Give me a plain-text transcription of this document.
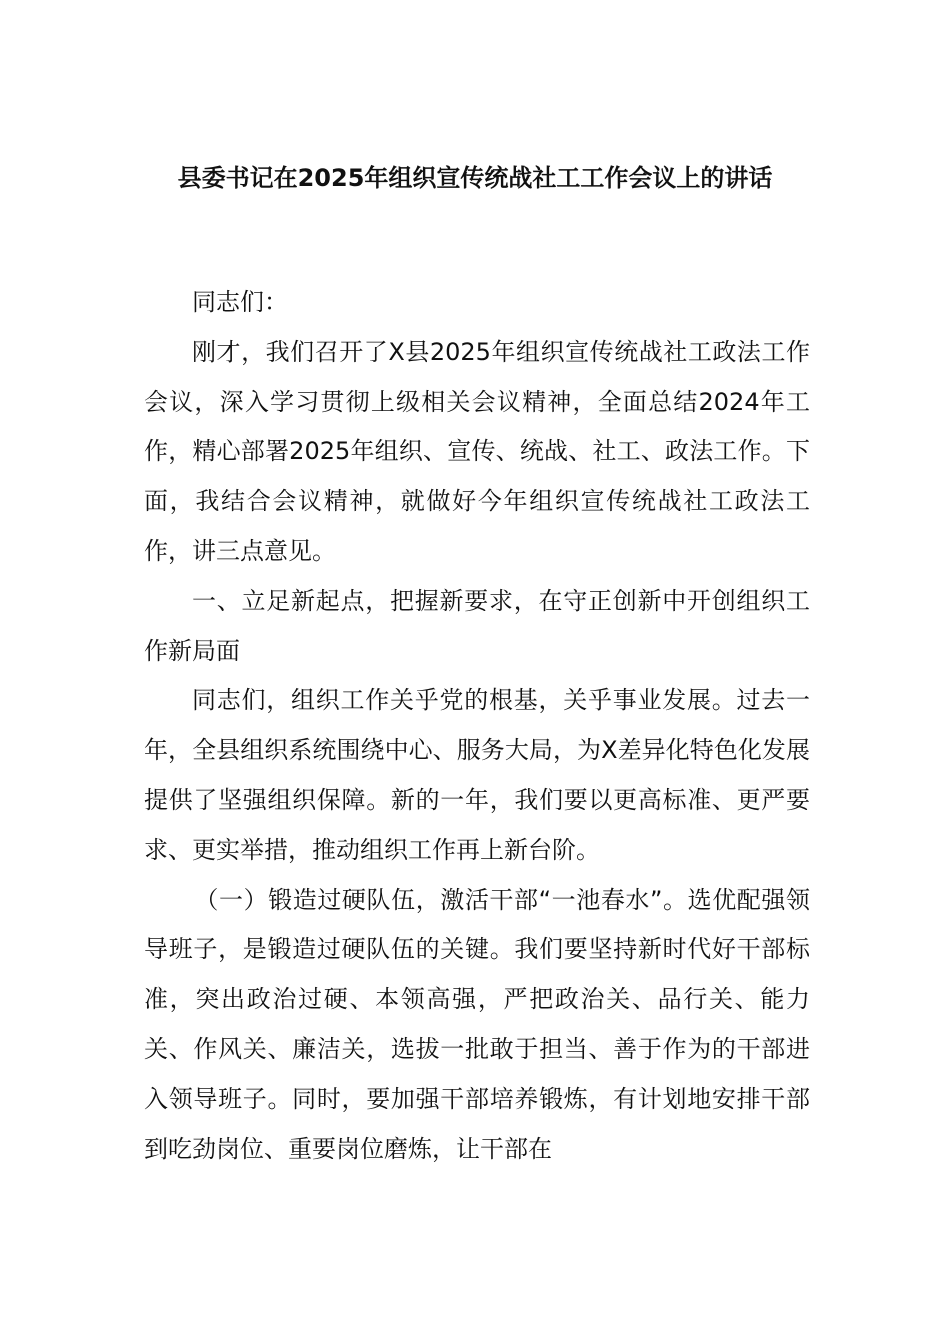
县委书记在2025年组织宣传统战社工工作会议上的讲话

同志们：

刚才，我们召开了X县2025年组织宣传统战社工政法工作会议，深入学习贯彻上级相关会议精神，全面总结2024年工作，精心部署2025年组织、宣传、统战、社工、政法工作。下面，我结合会议精神，就做好今年组织宣传统战社工政法工作，讲三点意见。

一、立足新起点，把握新要求，在守正创新中开创组织工作新局面

同志们，组织工作关乎党的根基，关乎事业发展。过去一年，全县组织系统围绕中心、服务大局，为X差异化特色化发展提供了坚强组织保障。新的一年，我们要以更高标准、更严要求、更实举措，推动组织工作再上新台阶。

（一）锻造过硬队伍，激活干部“一池春水”。选优配强领导班子，是锻造过硬队伍的关键。我们要坚持新时代好干部标准，突出政治过硬、本领高强，严把政治关、品行关、能力关、作风关、廉洁关，选拔一批敢于担当、善于作为的干部进入领导班子。同时，要加强干部培养锻炼，有计划地安排干部到吃劲岗位、重要岗位磨炼，让干部在
